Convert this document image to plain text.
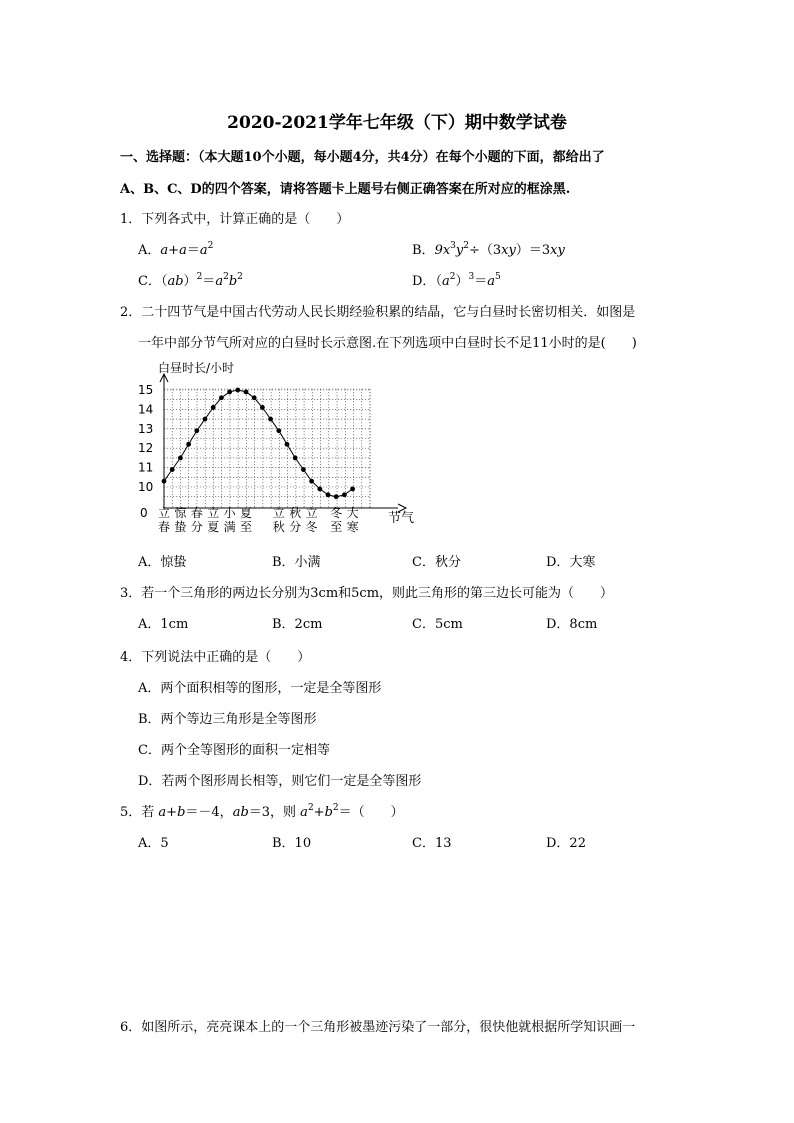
2020-2021学年七年级（下）期中数学试卷
一、选择题：（本大题10个小题，每小题4分，共4分）在每个小题的下面，都给出了
A、B、C、D的四个答案，请将答题卡上题号右侧正确答案在所对应的框涂黑.
1．下列各式中，计算正确的是（　　）
A．$a+a=a^2$	B．$9x^3y^2\div(3xy)=3xy$
C．$(ab)^2=a^2b^2$	D．$(a^2)^3=a^5$
2．二十四节气是中国古代劳动人民长期经验积累的结晶，它与白昼时长密切相关．如图是
一年中部分节气所对应的白昼时长示意图.在下列选项中白昼时长不足11小时的是(　　)
白昼时长/小时
10
11
12
13
14
15
立
春
惊
蛰
春
分
立
夏
小
满
夏
至
立
秋
秋
分
立
冬
冬
至
大
寒
0	节气
A．惊蛰	B．小满	C．秋分	D．大寒
3．若一个三角形的两边长分别为3cm和5cm，则此三角形的第三边长可能为（　　）
A．1cm	B．2cm	C．5cm	D．8cm
4．下列说法中正确的是（　　）
A．两个面积相等的图形，一定是全等图形
B．两个等边三角形是全等图形
C．两个全等图形的面积一定相等
D．若两个图形周长相等，则它们一定是全等图形
5．若 a+b＝－4，ab＝3，则 $a^2+b^2=$（　　）
A．5	B．10	C．13	D．22
6．如图所示，亮亮课本上的一个三角形被墨迹污染了一部分，很快他就根据所学知识画一
